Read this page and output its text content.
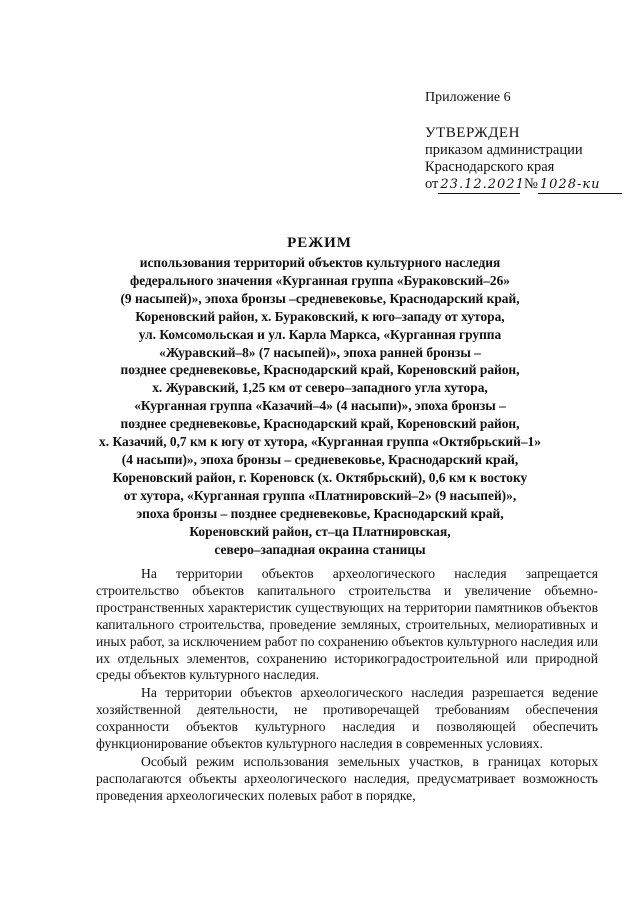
Приложение 6
УТВЕРЖДЕН
приказом администрации
Краснодарского края
от 23.12.2021 № 1028-ки
РЕЖИМ
использования территорий объектов культурного наследия
федерального значения «Курганная группа «Бураковский–26»
(9 насыпей)», эпоха бронзы –средневековье, Краснодарский край,
Кореновский район, х. Бураковский, к юго–западу от хутора,
ул. Комсомольская и ул. Карла Маркса, «Курганная группа
«Журавский–8» (7 насыпей)», эпоха ранней бронзы –
позднее средневековье, Краснодарский край, Кореновский район,
х. Журавский, 1,25 км от северо–западного угла хутора,
«Курганная группа «Казачий–4» (4 насыпи)», эпоха бронзы –
позднее средневековье, Краснодарский край, Кореновский район,
х. Казачий, 0,7 км к югу от хутора, «Курганная группа «Октябрьский–1»
(4 насыпи)», эпоха бронзы – средневековье, Краснодарский край,
Кореновский район, г. Кореновск (х. Октябрьский), 0,6 км к востоку
от хутора, «Курганная группа «Платнировский–2» (9 насыпей)»,
эпоха бронзы – позднее средневековье, Краснодарский край,
Кореновский район, ст–ца Платнировская,
северо–западная окраина станицы

На территории объектов археологического наследия запрещается строительство объектов капитального строительства и увеличение объемно-пространственных характеристик существующих на территории памятников объектов капитального строительства, проведение земляных, строительных, мелиоративных и иных работ, за исключением работ по сохранению объектов культурного наследия или их отдельных элементов, сохранению историкоградостроительной или природной среды объектов культурного наследия.

На территории объектов археологического наследия разрешается ведение хозяйственной деятельности, не противоречащей требованиям обеспечения сохранности объектов культурного наследия и позволяющей обеспечить функционирование объектов культурного наследия в современных условиях.

Особый режим использования земельных участков, в границах которых располагаются объекты археологического наследия, предусматривает возможность проведения археологических полевых работ в порядке,
